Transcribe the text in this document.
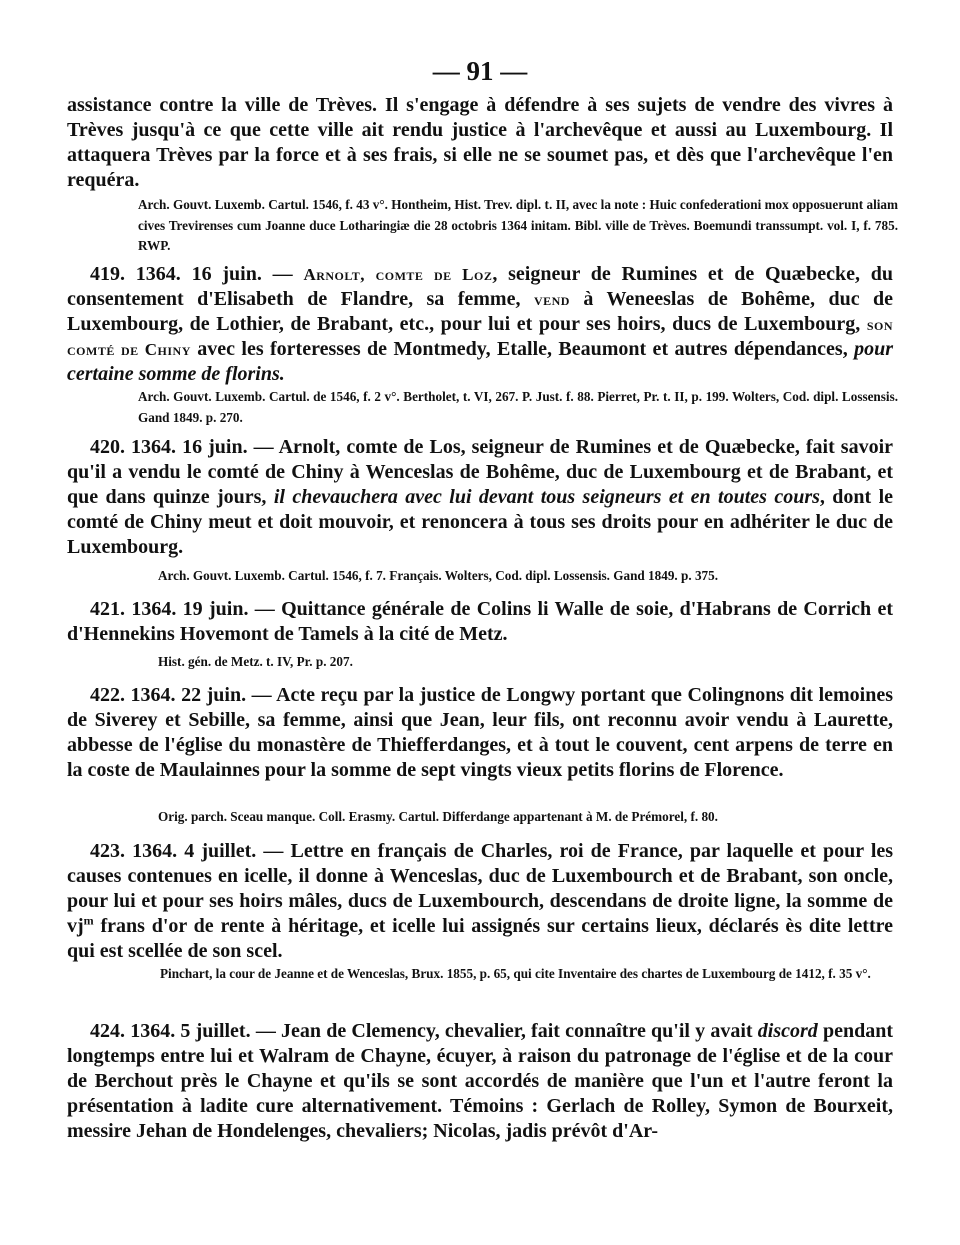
— 91 —
assistance contre la ville de Trèves. Il s'engage à défendre à ses sujets de vendre des vivres à Trèves jusqu'à ce que cette ville ait rendu justice à l'archevêque et aussi au Luxembourg. Il attaquera Trèves par la force et à ses frais, si elle ne se soumet pas, et dès que l'archevêque l'en requéra.
Arch. Gouvt. Luxemb. Cartul. 1546, f. 43 v°. Hontheim, Hist. Trev. dipl. t. II, avec la note : Huic confederationi mox opposuerunt aliam cives Trevirenses cum Joanne duce Lotharingiæ die 28 octobris 1364 initam. Bibl. ville de Trèves. Boemundi transsumpt. vol. I, f. 785. RWP.
419. 1364. 16 juin. — Arnolt, comte de Loz, seigneur de Rumines et de Quæbecke, du consentement d'Elisabeth de Flandre, sa femme, vend à Weneeslas de Bohême, duc de Luxembourg, de Lothier, de Brabant, etc., pour lui et pour ses hoirs, ducs de Luxembourg, son comté de Chiny avec les forteresses de Montmedy, Etalle, Beaumont et autres dépendances, pour certaine somme de florins.
Arch. Gouvt. Luxemb. Cartul. de 1546, f. 2 v°. Bertholet, t. VI, 267. P. Just. f. 88. Pierret, Pr. t. II, p. 199. Wolters, Cod. dipl. Lossensis. Gand 1849. p. 270.
420. 1364. 16 juin. — Arnolt, comte de Los, seigneur de Rumines et de Quæbecke, fait savoir qu'il a vendu le comté de Chiny à Wenceslas de Bohême, duc de Luxembourg et de Brabant, et que dans quinze jours, il chevauchera avec lui devant tous seigneurs et en toutes cours, dont le comté de Chiny meut et doit mouvoir, et renoncera à tous ses droits pour en adhériter le duc de Luxembourg.
Arch. Gouvt. Luxemb. Cartul. 1546, f. 7. Français. Wolters, Cod. dipl. Lossensis. Gand 1849. p. 375.
421. 1364. 19 juin. — Quittance générale de Colins li Walle de soie, d'Habrans de Corrich et d'Hennekins Hovemont de Tamels à la cité de Metz.
Hist. gén. de Metz. t. IV, Pr. p. 207.
422. 1364. 22 juin. — Acte reçu par la justice de Longwy portant que Colingnons dit lemoines de Siverey et Sebille, sa femme, ainsi que Jean, leur fils, ont reconnu avoir vendu à Laurette, abbesse de l'église du monastère de Thiefferdanges, et à tout le couvent, cent arpens de terre en la coste de Maulainnes pour la somme de sept vingts vieux petits florins de Florence.
Orig. parch. Sceau manque. Coll. Erasmy. Cartul. Differdange appartenant à M. de Prémorel, f. 80.
423. 1364. 4 juillet. — Lettre en français de Charles, roi de France, par laquelle et pour les causes contenues en icelle, il donne à Wenceslas, duc de Luxembourch et de Brabant, son oncle, pour lui et pour ses hoirs mâles, ducs de Luxembourch, descendans de droite ligne, la somme de $vj^m$ frans d'or de rente à héritage, et icelle lui assignés sur certains lieux, déclarés ès dite lettre qui est scellée de son scel.
Pinchart, la cour de Jeanne et de Wenceslas, Brux. 1855, p. 65, qui cite Inventaire des chartes de Luxembourg de 1412, f. 35 v°.
424. 1364. 5 juillet. — Jean de Clemency, chevalier, fait connaître qu'il y avait discord pendant longtemps entre lui et Walram de Chayne, écuyer, à raison du patronage de l'église et de la cour de Berchout près le Chayne et qu'ils se sont accordés de manière que l'un et l'autre feront la présentation à ladite cure alternativement. Témoins : Gerlach de Rolley, Symon de Bourxeit, messire Jehan de Hondelenges, chevaliers; Nicolas, jadis prévôt d'Ar-
